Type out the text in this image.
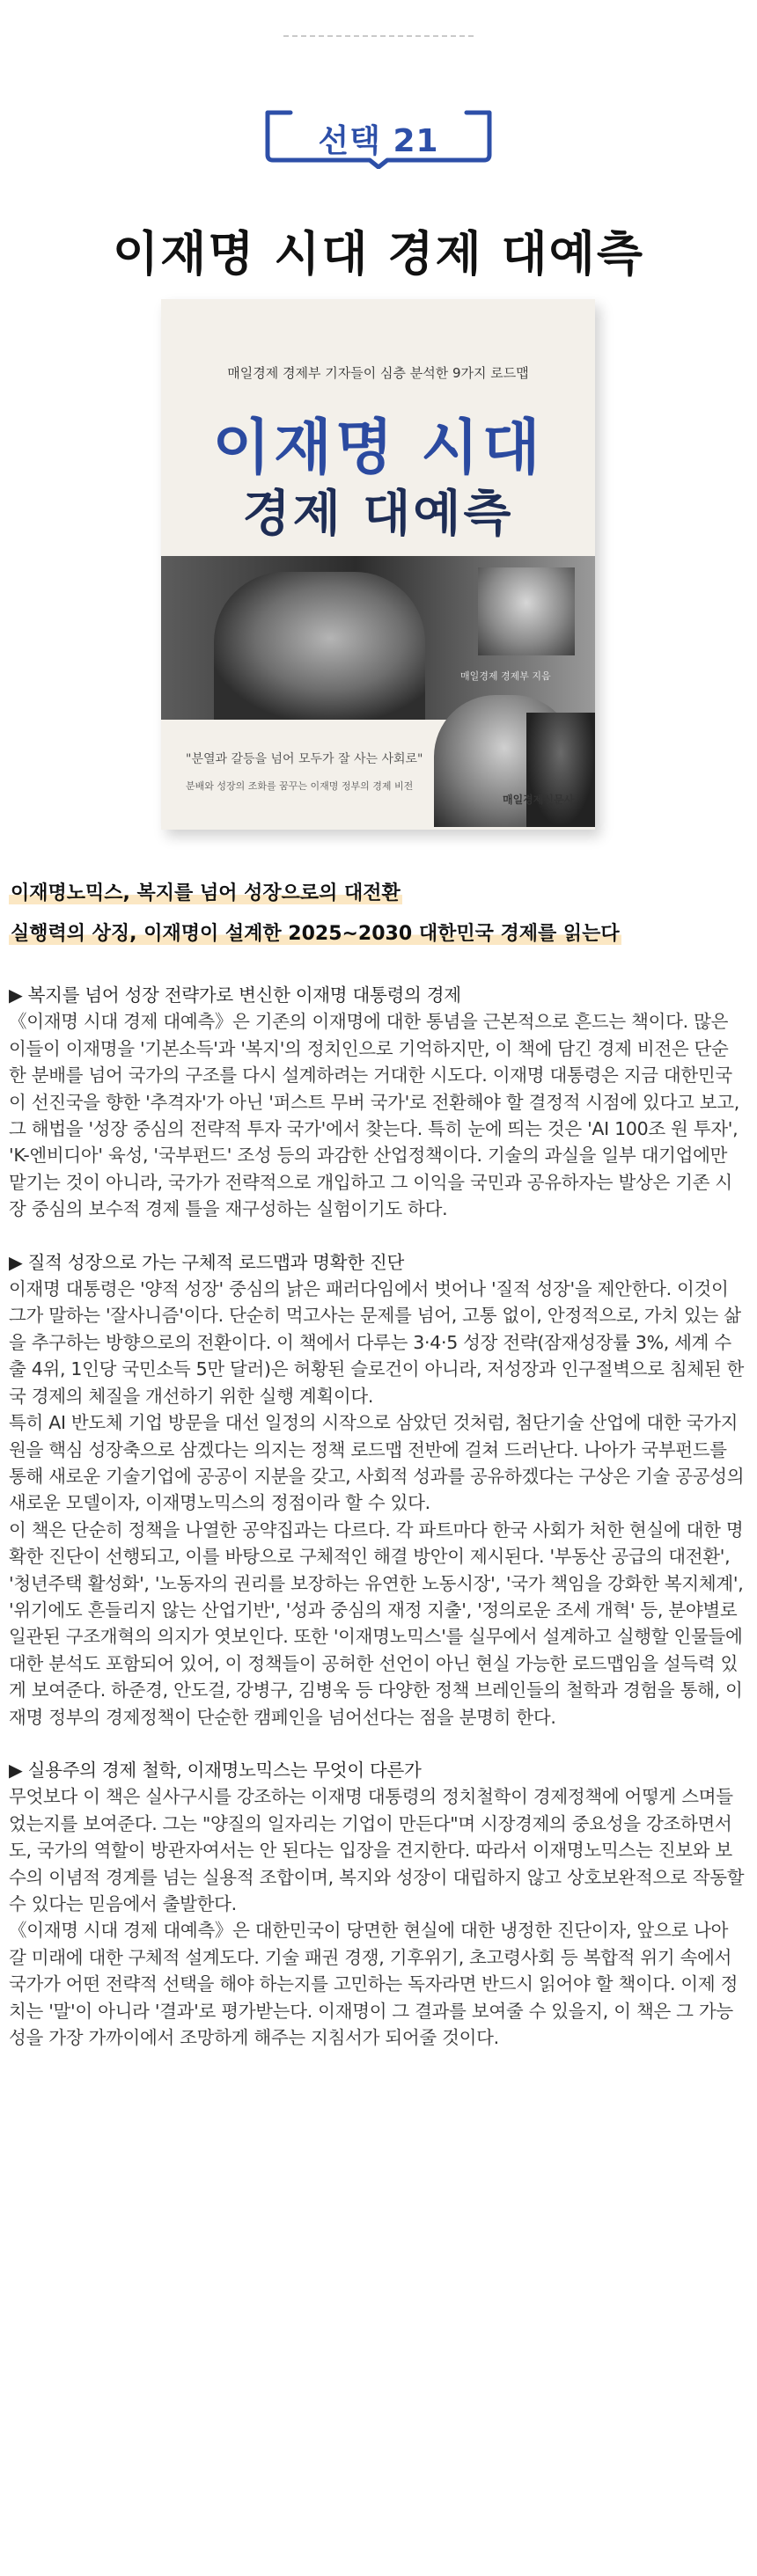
선택 21
이재명 시대 경제 대예측
매일경제 경제부 기자들이 심층 분석한 9가지 로드맵
이재명 시대
경제 대예측
매일경제 경제부 지음
"분열과 갈등을 넘어 모두가 잘 사는 사회로"
분배와 성장의 조화를 꿈꾸는 이재명 정부의 경제 비전
매일경제신문사
이재명노믹스, 복지를 넘어 성장으로의 대전환
실행력의 상징, 이재명이 설계한 2025~2030 대한민국 경제를 읽는다

▶ 복지를 넘어 성장 전략가로 변신한 이재명 대통령의 경제
《이재명 시대 경제 대예측》은 기존의 이재명에 대한 통념을 근본적으로 흔드는 책이다. 많은 이들이 이재명을 '기본소득'과 '복지'의 정치인으로 기억하지만, 이 책에 담긴 경제 비전은 단순한 분배를 넘어 국가의 구조를 다시 설계하려는 거대한 시도다. 이재명 대통령은 지금 대한민국이 선진국을 향한 '추격자'가 아닌 '퍼스트 무버 국가'로 전환해야 할 결정적 시점에 있다고 보고, 그 해법을 '성장 중심의 전략적 투자 국가'에서 찾는다. 특히 눈에 띄는 것은 'AI 100조 원 투자', 'K-엔비디아' 육성, '국부펀드' 조성 등의 과감한 산업정책이다. 기술의 과실을 일부 대기업에만 맡기는 것이 아니라, 국가가 전략적으로 개입하고 그 이익을 국민과 공유하자는 발상은 기존 시장 중심의 보수적 경제 틀을 재구성하는 실험이기도 하다.

▶ 질적 성장으로 가는 구체적 로드맵과 명확한 진단
이재명 대통령은 '양적 성장' 중심의 낡은 패러다임에서 벗어나 '질적 성장'을 제안한다. 이것이 그가 말하는 '잘사니즘'이다. 단순히 먹고사는 문제를 넘어, 고통 없이, 안정적으로, 가치 있는 삶을 추구하는 방향으로의 전환이다. 이 책에서 다루는 3·4·5 성장 전략(잠재성장률 3%, 세계 수출 4위, 1인당 국민소득 5만 달러)은 허황된 슬로건이 아니라, 저성장과 인구절벽으로 침체된 한국 경제의 체질을 개선하기 위한 실행 계획이다.
특히 AI 반도체 기업 방문을 대선 일정의 시작으로 삼았던 것처럼, 첨단기술 산업에 대한 국가지원을 핵심 성장축으로 삼겠다는 의지는 정책 로드맵 전반에 걸쳐 드러난다. 나아가 국부펀드를 통해 새로운 기술기업에 공공이 지분을 갖고, 사회적 성과를 공유하겠다는 구상은 기술 공공성의 새로운 모델이자, 이재명노믹스의 정점이라 할 수 있다.
이 책은 단순히 정책을 나열한 공약집과는 다르다. 각 파트마다 한국 사회가 처한 현실에 대한 명확한 진단이 선행되고, 이를 바탕으로 구체적인 해결 방안이 제시된다. '부동산 공급의 대전환', '청년주택 활성화', '노동자의 권리를 보장하는 유연한 노동시장', '국가 책임을 강화한 복지체계', '위기에도 흔들리지 않는 산업기반', '성과 중심의 재정 지출', '정의로운 조세 개혁' 등, 분야별로 일관된 구조개혁의 의지가 엿보인다. 또한 '이재명노믹스'를 실무에서 설계하고 실행할 인물들에 대한 분석도 포함되어 있어, 이 정책들이 공허한 선언이 아닌 현실 가능한 로드맵임을 설득력 있게 보여준다. 하준경, 안도걸, 강병구, 김병욱 등 다양한 정책 브레인들의 철학과 경험을 통해, 이재명 정부의 경제정책이 단순한 캠페인을 넘어선다는 점을 분명히 한다.

▶ 실용주의 경제 철학, 이재명노믹스는 무엇이 다른가
무엇보다 이 책은 실사구시를 강조하는 이재명 대통령의 정치철학이 경제정책에 어떻게 스며들었는지를 보여준다. 그는 "양질의 일자리는 기업이 만든다"며 시장경제의 중요성을 강조하면서도, 국가의 역할이 방관자여서는 안 된다는 입장을 견지한다. 따라서 이재명노믹스는 진보와 보수의 이념적 경계를 넘는 실용적 조합이며, 복지와 성장이 대립하지 않고 상호보완적으로 작동할 수 있다는 믿음에서 출발한다.
《이재명 시대 경제 대예측》은 대한민국이 당면한 현실에 대한 냉정한 진단이자, 앞으로 나아갈 미래에 대한 구체적 설계도다. 기술 패권 경쟁, 기후위기, 초고령사회 등 복합적 위기 속에서 국가가 어떤 전략적 선택을 해야 하는지를 고민하는 독자라면 반드시 읽어야 할 책이다. 이제 정치는 '말'이 아니라 '결과'로 평가받는다. 이재명이 그 결과를 보여줄 수 있을지, 이 책은 그 가능성을 가장 가까이에서 조망하게 해주는 지침서가 되어줄 것이다.
